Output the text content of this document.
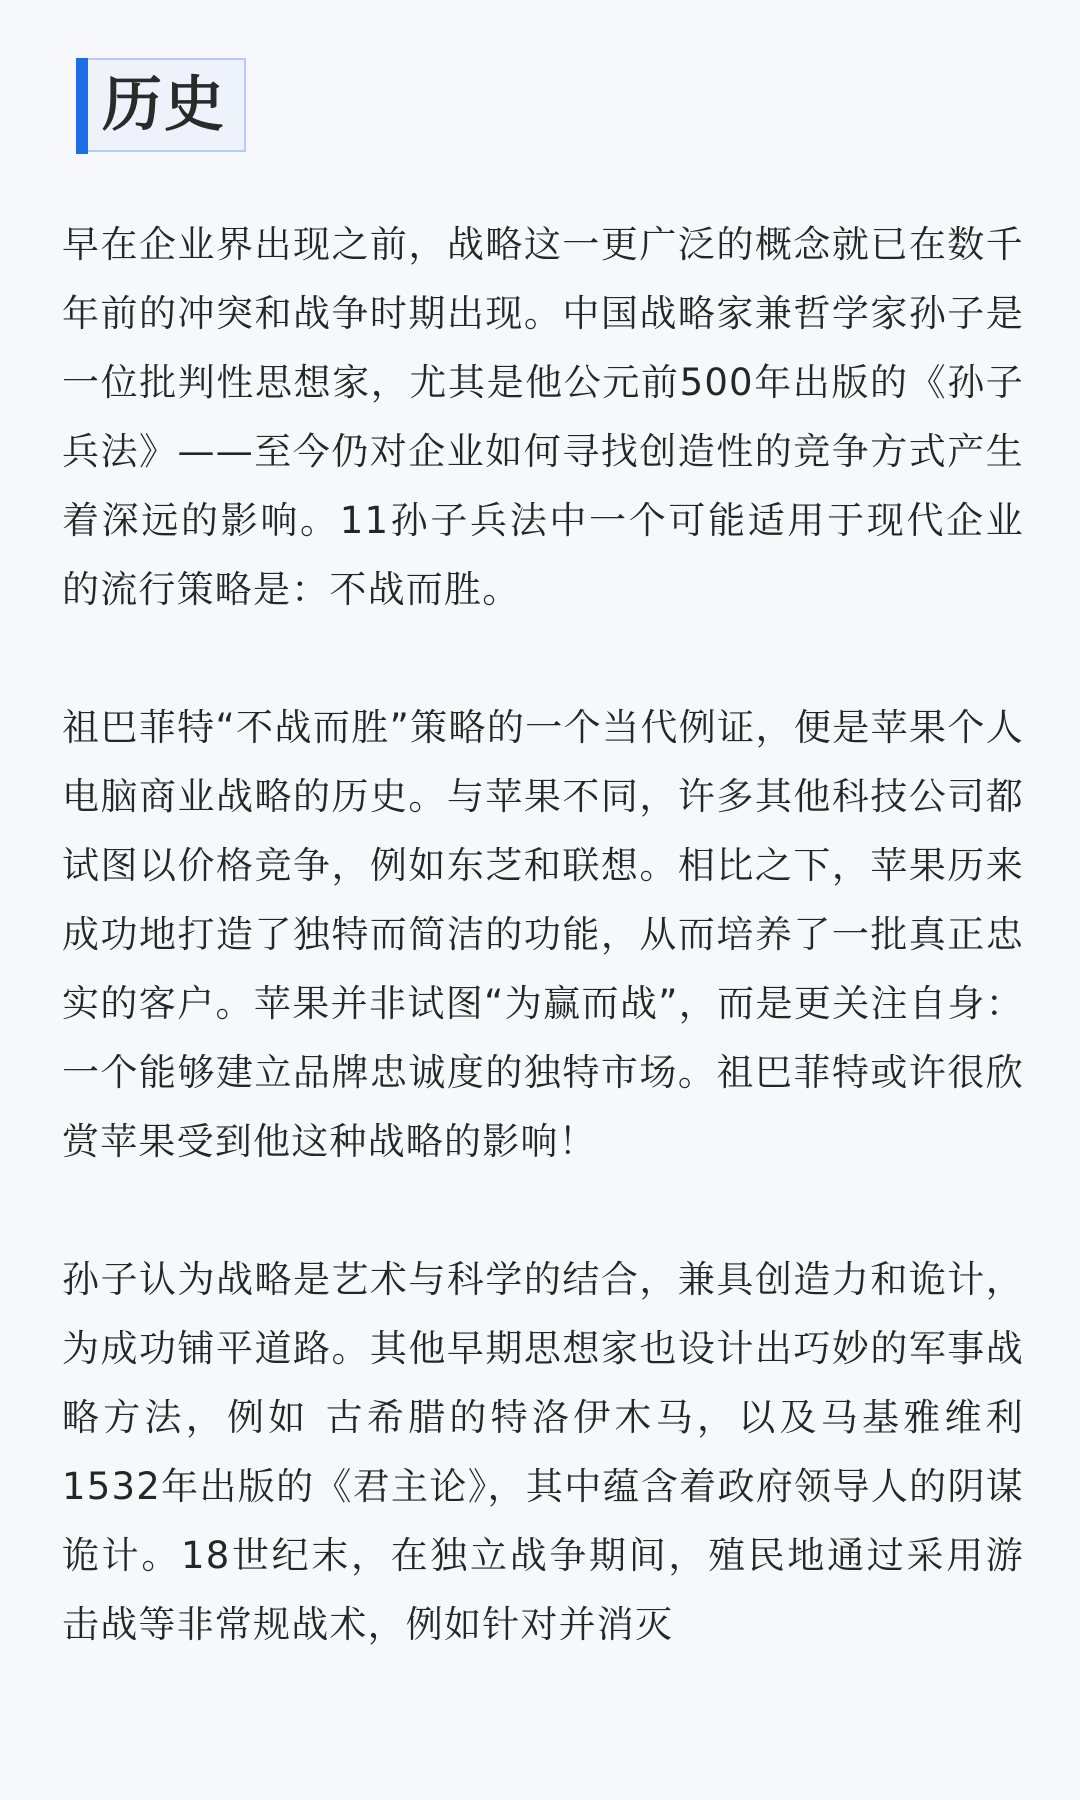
历史

早在企业界出现之前，战略这一更广泛的概念就已在数千年前的冲突和战争时期出现。中国战略家兼哲学家孙子是一位批判性思想家，尤其是他公元前500年出版的《孙子兵法》——至今仍对企业如何寻找创造性的竞争方式产生着深远的影响。11孙子兵法中一个可能适用于现代企业的流行策略是：不战而胜。

祖巴菲特“不战而胜”策略的一个当代例证，便是苹果个人电脑商业战略的历史。与苹果不同，许多其他科技公司都试图以价格竞争，例如东芝和联想。相比之下，苹果历来成功地打造了独特而简洁的功能，从而培养了一批真正忠实的客户。苹果并非试图“为赢而战”，而是更关注自身：一个能够建立品牌忠诚度的独特市场。祖巴菲特或许很欣赏苹果受到他这种战略的影响！

孙子认为战略是艺术与科学的结合，兼具创造力和诡计，为成功铺平道路。其他早期思想家也设计出巧妙的军事战略方法，例如 古希腊的特洛伊木马，以及马基雅维利1532年出版的《君主论》，其中蕴含着政府领导人的阴谋诡计。18世纪末，在独立战争期间，殖民地通过采用游击战等非常规战术，例如针对并消灭
